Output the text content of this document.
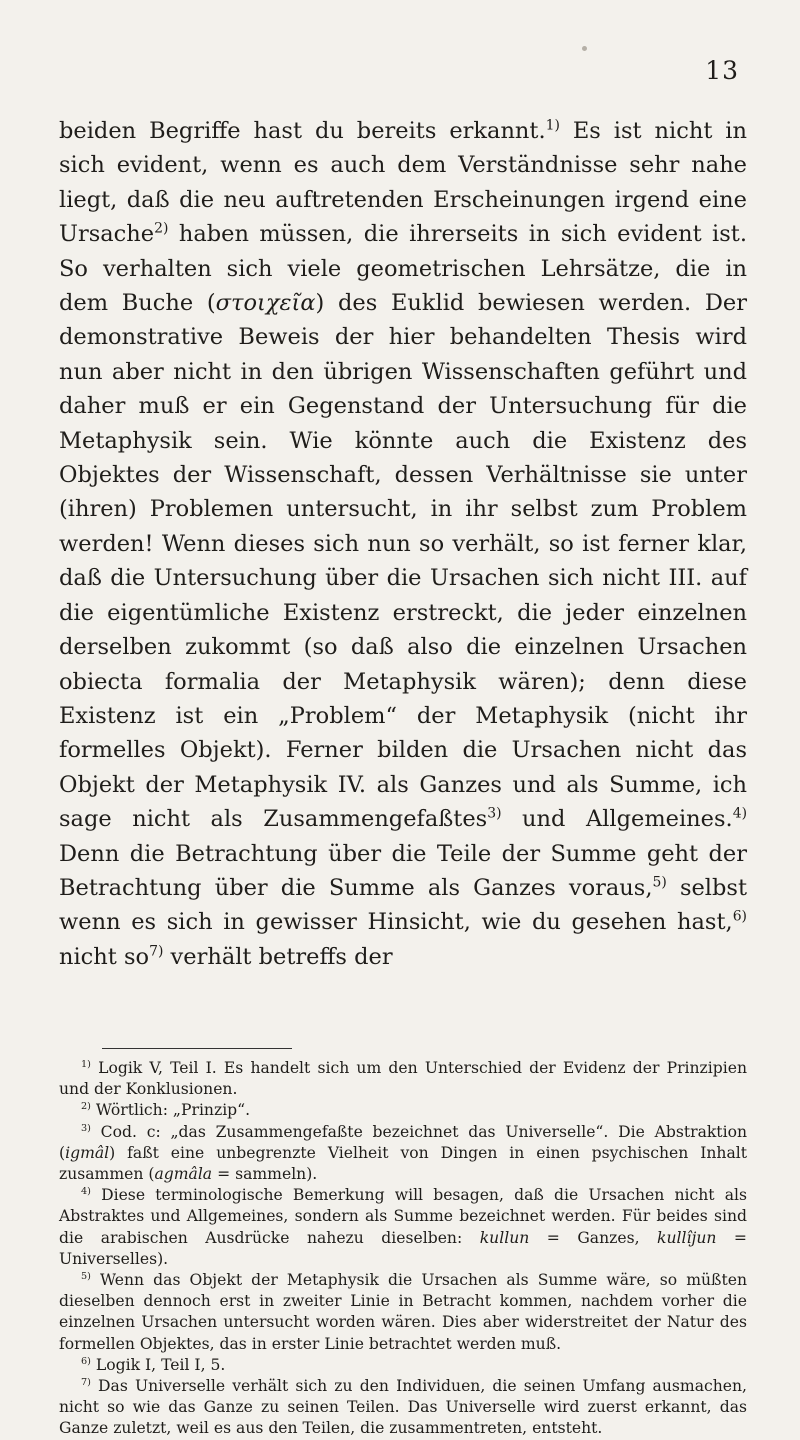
13
beiden Begriffe hast du bereits erkannt.$^{1)}$ Es ist nicht in sich evident, wenn es auch dem Verständnisse sehr nahe liegt, daß die neu auftretenden Erscheinungen irgend eine Ursache$^{2)}$ haben müssen, die ihrerseits in sich evident ist. So verhalten sich viele geometrischen Lehrsätze, die in dem Buche (στοιχεῖα) des Euklid bewiesen werden. Der demonstrative Beweis der hier behandelten Thesis wird nun aber nicht in den übrigen Wissenschaften geführt und daher muß er ein Gegenstand der Untersuchung für die Metaphysik sein. Wie könnte auch die Existenz des Objektes der Wissenschaft, dessen Verhältnisse sie unter (ihren) Problemen untersucht, in ihr selbst zum Problem werden! Wenn dieses sich nun so verhält, so ist ferner klar, daß die Untersuchung über die Ursachen sich nicht III. auf die eigentümliche Existenz erstreckt, die jeder einzelnen derselben zukommt (so daß also die einzelnen Ursachen obiecta formalia der Metaphysik wären); denn diese Existenz ist ein „Problem“ der Metaphysik (nicht ihr formelles Objekt). Ferner bilden die Ursachen nicht das Objekt der Metaphysik IV. als Ganzes und als Summe, ich sage nicht als Zusammengefaßtes$^{3)}$ und Allgemeines.$^{4)}$ Denn die Betrachtung über die Teile der Summe geht der Betrachtung über die Summe als Ganzes voraus,$^{5)}$ selbst wenn es sich in gewisser Hinsicht, wie du gesehen hast,$^{6)}$ nicht $so^{7)}$ verhält betreffs der

$^{1)}$ Logik V, Teil I. Es handelt sich um den Unterschied der Evidenz der Prinzipien und der Konklusionen.

$^{2)}$ Wörtlich: „Prinzip“.

$^{3)}$ Cod. c: „das Zusammengefaßte bezeichnet das Universelle“. Die Abstraktion (igmâl) faßt eine unbegrenzte Vielheit von Dingen in einen psychischen Inhalt zusammen (agmâla = sammeln).

$^{4)}$ Diese terminologische Bemerkung will besagen, daß die Ursachen nicht als Abstraktes und Allgemeines, sondern als Summe bezeichnet werden. Für beides sind die arabischen Ausdrücke nahezu dieselben: kullun = Ganzes, kullîjun = Universelles).

$^{5)}$ Wenn das Objekt der Metaphysik die Ursachen als Summe wäre, so müßten dieselben dennoch erst in zweiter Linie in Betracht kommen, nachdem vorher die einzelnen Ursachen untersucht worden wären. Dies aber widerstreitet der Natur des formellen Objektes, das in erster Linie betrachtet werden muß.

$^{6)}$ Logik I, Teil I, 5.

$^{7)}$ Das Universelle verhält sich zu den Individuen, die seinen Umfang ausmachen, nicht so wie das Ganze zu seinen Teilen. Das Universelle wird zuerst erkannt, das Ganze zuletzt, weil es aus den Teilen, die zusammentreten, entsteht.
